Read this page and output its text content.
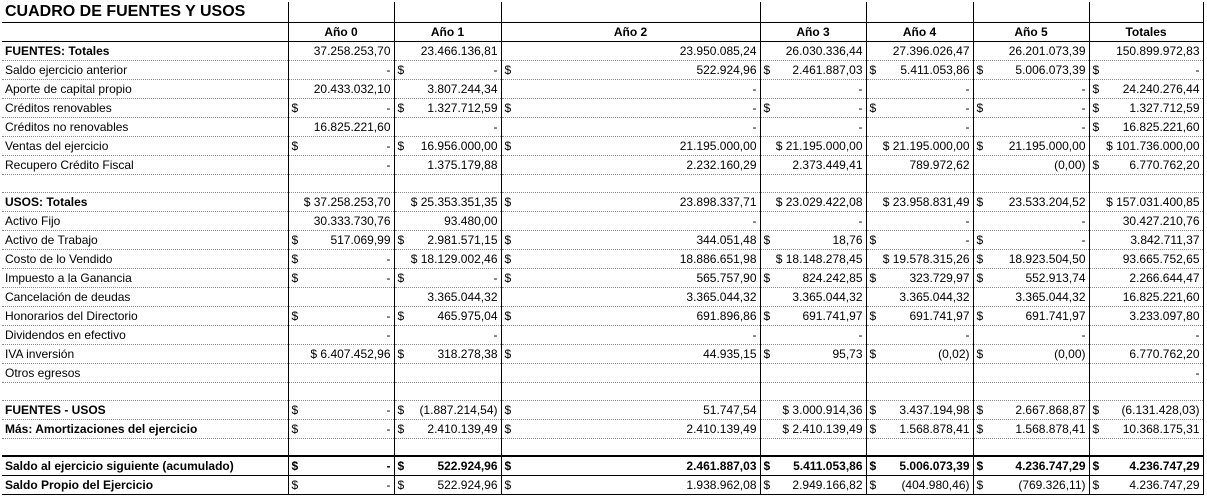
CUADRO DE FUENTES Y USOS							
	Año 0	Año 1	Año 2	Año 3	Año 4	Año 5	Totales
FUENTES: Totales	37.258.253,70	23.466.136,81	23.950.085,24	26.030.336,44	27.396.026,47	26.201.073,39	150.899.972,83

Saldo ejercicio anterior	-	$ -	$ 522.924,96	$ 2.461.887,03	$ 5.411.053,86	$ 5.006.073,39	$ -

Aporte de capital propio	20.433.032,10	3.807.244,34	-	-	-	-	$ 24.240.276,44

Créditos renovables	$ -	$ 1.327.712,59	$ -	$ -	$ -	$ -	$ 1.327.712,59

Créditos no renovables	16.825.221,60	-	-	-	-	-	$ 16.825.221,60

Ventas del ejercicio	$ -	$ 16.956.000,00	$ 21.195.000,00	$ 21.195.000,00	$ 21.195.000,00	$ 21.195.000,00	$ 101.736.000,00

Recupero Crédito Fiscal	-	1.375.179,88	2.232.160,29	2.373.449,41	789.972,62	(0,00)	$ 6.770.762,20

USOS: Totales	$ 37.258.253,70	$ 25.353.351,35	$ 23.898.337,71	$ 23.029.422,08	$ 23.958.831,49	$ 23.533.204,52	$ 157.031.400,85

Activo Fijo	30.333.730,76	93.480,00	-	-	-	-	30.427.210,76

Activo de Trabajo	$ 517.069,99	$ 2.981.571,15	$ 344.051,48	$ 18,76	$ -	$ -	3.842.711,37

Costo de lo Vendido	$ -	$ 18.129.002,46	$ 18.886.651,98	$ 18.148.278,45	$ 19.578.315,26	$ 18.923.504,50	93.665.752,65

Impuesto a la Ganancia	$ -	$ -	$ 565.757,90	$ 824.242,85	$ 323.729,97	$ 552.913,74	2.266.644,47

Cancelación de deudas		3.365.044,32	3.365.044,32	3.365.044,32	3.365.044,32	3.365.044,32	16.825.221,60

Honorarios del Directorio	$ -	$ 465.975,04	$ 691.896,86	$ 691.741,97	$ 691.741,97	$ 691.741,97	3.233.097,80

Dividendos en efectivo	-	-	-	-	-	-	-

IVA inversión	$ 6.407.452,96	$ 318.278,38	$ 44.935,15	$ 95,73	$ (0,02)	$ (0,00)	6.770.762,20

Otros egresos							-

FUENTES - USOS	$ -	$ (1.887.214,54)	$ 51.747,54	$ 3.000.914,36	$ 3.437.194,98	$ 2.667.868,87	$ (6.131.428,03)

Más: Amortizaciones del ejercicio	$ -	$ 2.410.139,49	$ 2.410.139,49	$ 2.410.139,49	$ 1.568.878,41	$ 1.568.878,41	$ 10.368.175,31

Saldo al ejercicio siguiente (acumulado)	$ -	$ 522.924,96	$ 2.461.887,03	$ 5.411.053,86	$ 5.006.073,39	$ 4.236.747,29	$ 4.236.747,29

Saldo Propio del Ejercicio	$ -	$ 522.924,96	$ 1.938.962,08	$ 2.949.166,82	$ (404.980,46)	$ (769.326,11)	$ 4.236.747,29
